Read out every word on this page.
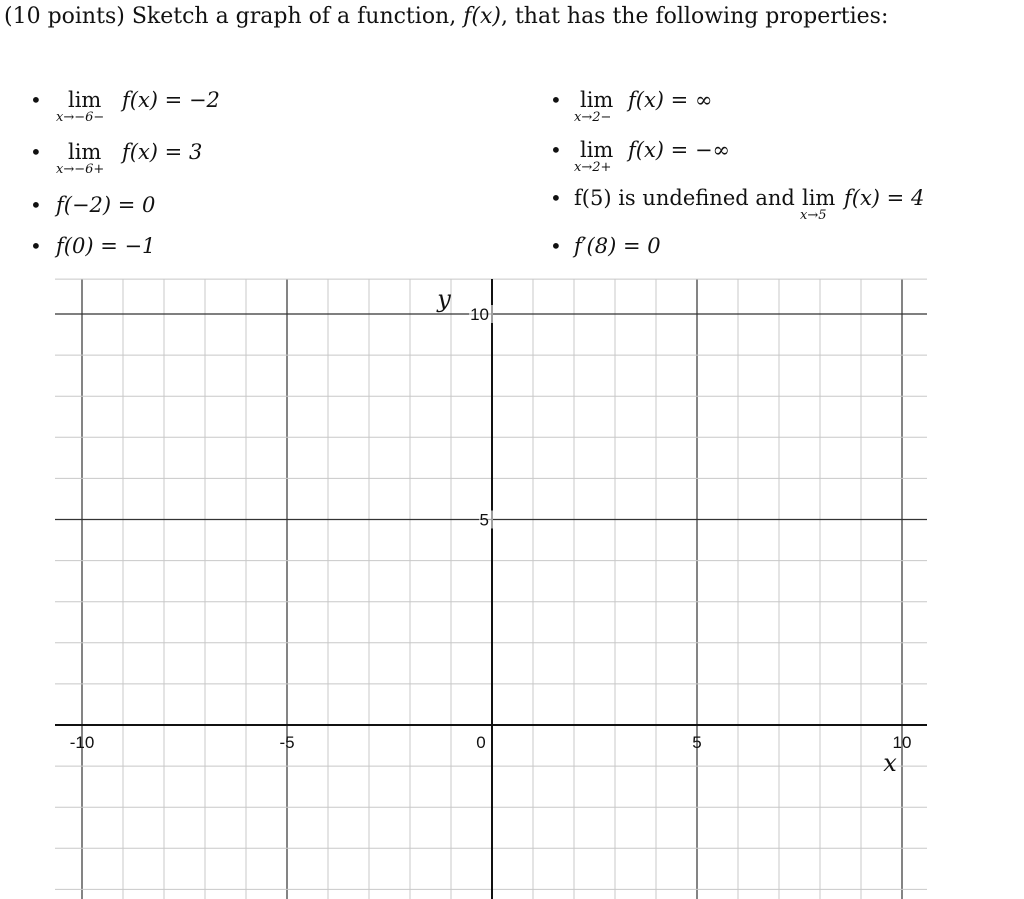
(10 points) Sketch a graph of a function, f(x), that has the following properties:
• lim
x→−6−
f(x) = −2
• lim
x→−6+
f(x) = 3
• f(−2) = 0
• f(0) = −1
• lim
x→2−
f(x) = ∞
• lim
x→2+
f(x) = −∞
• f(5) is undefined and lim
x→5
f(x) = 4
• f′(8) = 0
-10	-5	0	5	10
10
5
y
x
